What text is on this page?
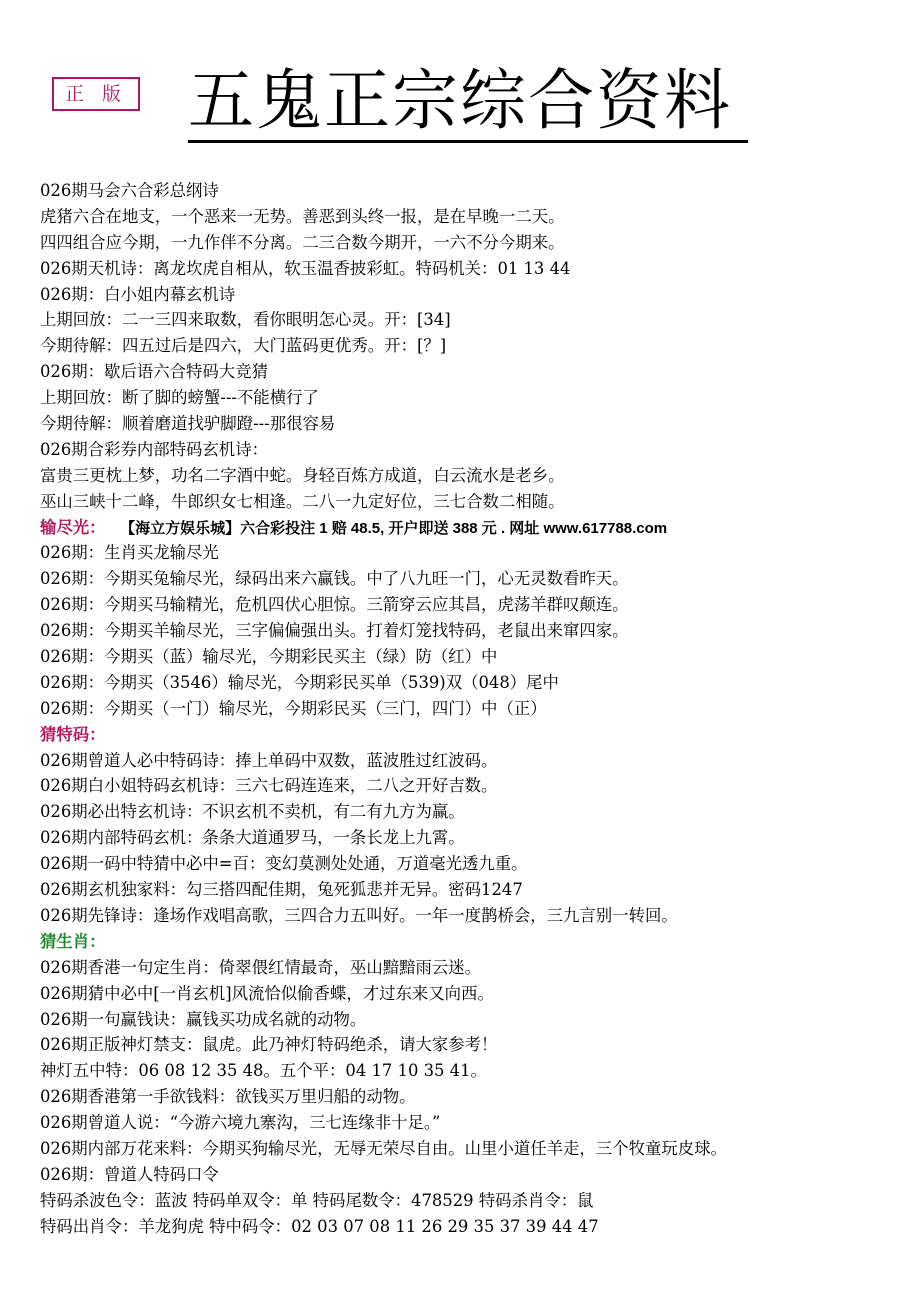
正 版 五鬼正宗综合资料
026期马会六合彩总纲诗
虎猪六合在地支，一个恶来一无势。善恶到头终一报，是在早晚一二天。
四四组合应今期，一九作伴不分离。二三合数今期开，一六不分今期来。
026期天机诗：离龙坎虎自相从，软玉温香披彩虹。特码机关：01 13 44
026期：白小姐内幕玄机诗
上期回放：二一三四来取数，看你眼明怎心灵。开：[34]
今期待解：四五过后是四六，大门蓝码更优秀。开：[？]
026期：歇后语六合特码大竞猜
上期回放：断了脚的螃蟹---不能横行了
今期待解：顺着磨道找驴脚蹬---那很容易
026期合彩券内部特码玄机诗：
富贵三更枕上梦，功名二字酒中蛇。身轻百炼方成道，白云流水是老乡。
巫山三峡十二峰，牛郎织女七相逢。二八一九定好位，三七合数二相随。
输尽光： 【海立方娱乐城】六合彩投注 1 赔 48.5, 开户即送 388 元 . 网址 www.617788.com
026期：生肖买龙输尽光
026期：今期买兔输尽光，绿码出来六赢钱。中了八九旺一门，心无灵数看昨天。
026期：今期买马输精光，危机四伏心胆惊。三箭穿云应其昌，虎荡羊群叹颠连。
026期：今期买羊输尽光，三字偏偏强出头。打着灯笼找特码，老鼠出来窜四家。
026期：今期买（蓝）输尽光，今期彩民买主（绿）防（红）中
026期：今期买（3546）输尽光，今期彩民买单（539)双（048）尾中
026期：今期买（一门）输尽光，今期彩民买（三门，四门）中（正）
猜特码：
026期曾道人必中特码诗：捧上单码中双数，蓝波胜过红波码。
026期白小姐特码玄机诗：三六七码连连来，二八之开好吉数。
026期必出特玄机诗：不识玄机不卖机，有二有九方为赢。
026期内部特码玄机：条条大道通罗马，一条长龙上九霄。
026期一码中特猜中必中=百：变幻莫测处处通，万道毫光透九重。
026期玄机独家料：勾三搭四配佳期，兔死狐悲并无异。密码1247
026期先锋诗：逢场作戏唱高歌，三四合力五叫好。一年一度鹊桥会，三九言别一转回。
猜生肖：
026期香港一句定生肖：倚翠偎红情最奇，巫山黯黯雨云迷。
026期猜中必中[一肖玄机]风流恰似偷香蝶，才过东来又向西。
026期一句赢钱诀：赢钱买功成名就的动物。
026期正版神灯禁支：鼠虎。此乃神灯特码绝杀，请大家参考！
神灯五中特：06 08 12 35 48。五个平：04 17 10 35 41。
026期香港第一手欲钱料：欲钱买万里归船的动物。
026期曾道人说：“今游六境九寨沟，三七连缘非十足。”
026期内部万花来料：今期买狗输尽光，无辱无荣尽自由。山里小道任羊走，三个牧童玩皮球。
026期：曾道人特码口令
特码杀波色令：蓝波 特码单双令：单 特码尾数令：478529 特码杀肖令：鼠
特码出肖令：羊龙狗虎 特中码令：02 03 07 08 11 26 29 35 37 39 44 47
